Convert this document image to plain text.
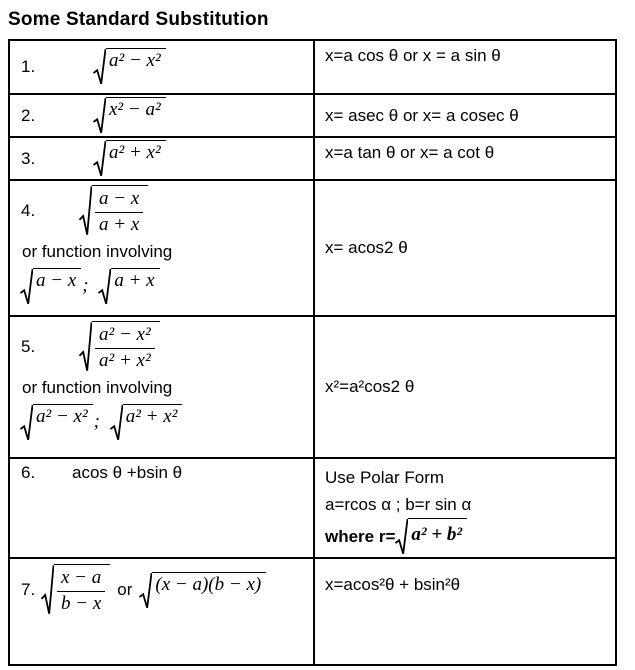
Some Standard Substitution
1. a² − x²	x=a cos θ or x = a sin θ

2. x² − a²	x= asec θ or x= a cosec θ

3. a² + x²	x=a tan θ or x= a cot θ

4.	$\frac{a - x}{a + x}$
or function involving
a − x ; a + x
	x= acos2 θ

5.	$\frac{\text{a² − x²}}{\text{a² + x²}}$
or function involving
a² − x² ; a² + x²
	x²=a²cos2 θ

6.	acos θ +bsin θ	Use Polar Form
a=rcos α ; b=r sin α
where r= a² + b²

7. $\frac{x - a}{b - x}$ or (x − a)(b − x)	x=acos²θ + bsin²θ
